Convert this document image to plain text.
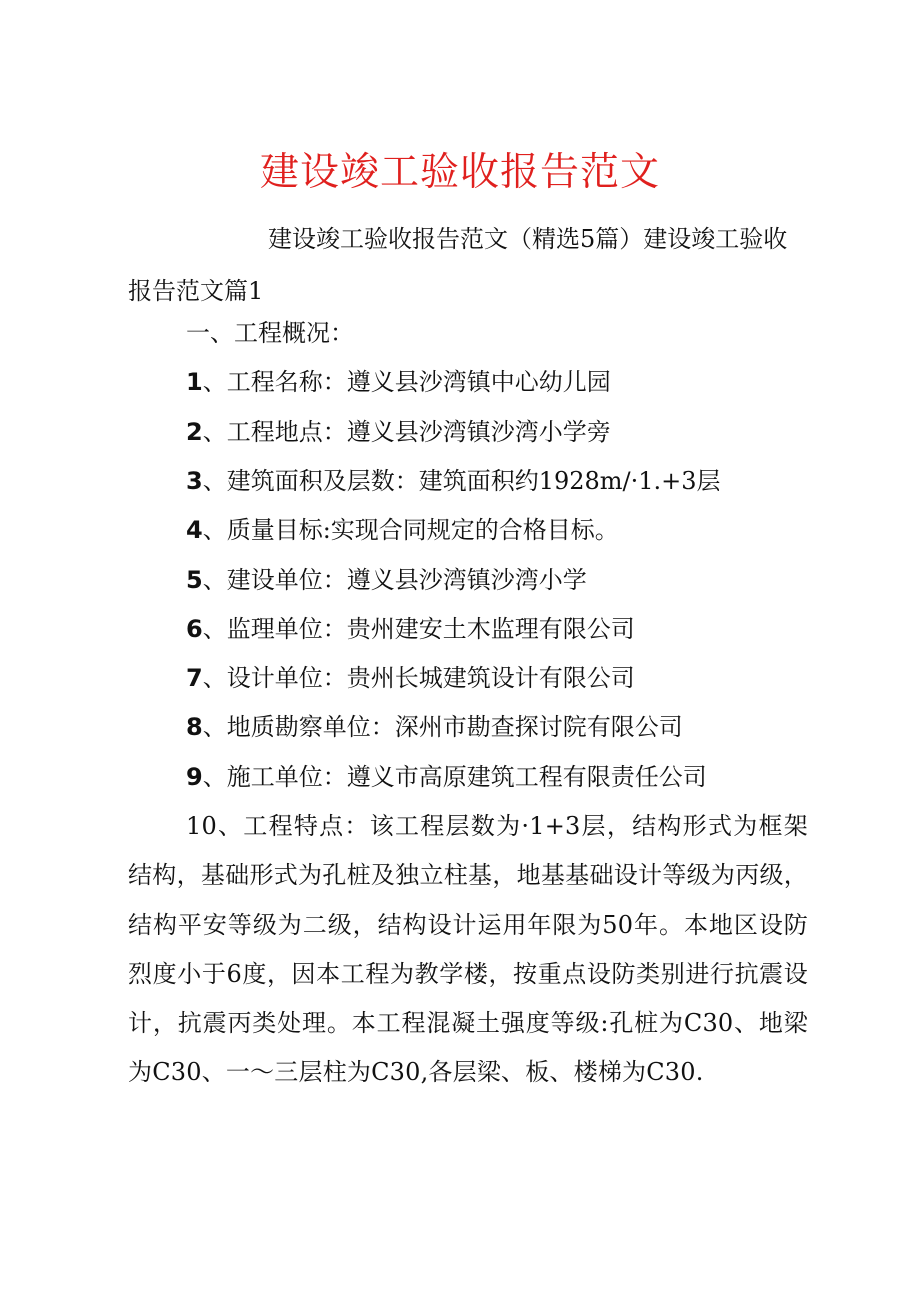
建设竣工验收报告范文
建设竣工验收报告范文（精选5篇）建设竣工验收报告范文篇1
一、工程概况：
1、工程名称：遵义县沙湾镇中心幼儿园
2、工程地点：遵义县沙湾镇沙湾小学旁
3、建筑面积及层数：建筑面积约1928m∕·1.+3层
4、质量目标:实现合同规定的合格目标。
5、建设单位：遵义县沙湾镇沙湾小学
6、监理单位：贵州建安土木监理有限公司
7、设计单位：贵州长城建筑设计有限公司
8、地质勘察单位：深州市勘查探讨院有限公司
9、施工单位：遵义市高原建筑工程有限责任公司
10、工程特点：该工程层数为·1+3层，结构形式为框架结构，基础形式为孔桩及独立柱基，地基基础设计等级为丙级，结构平安等级为二级，结构设计运用年限为50年。本地区设防烈度小于6度，因本工程为教学楼，按重点设防类别进行抗震设计，抗震丙类处理。本工程混凝土强度等级:孔桩为C30、地梁为C30、一～三层柱为C30,各层梁、板、楼梯为C30.
